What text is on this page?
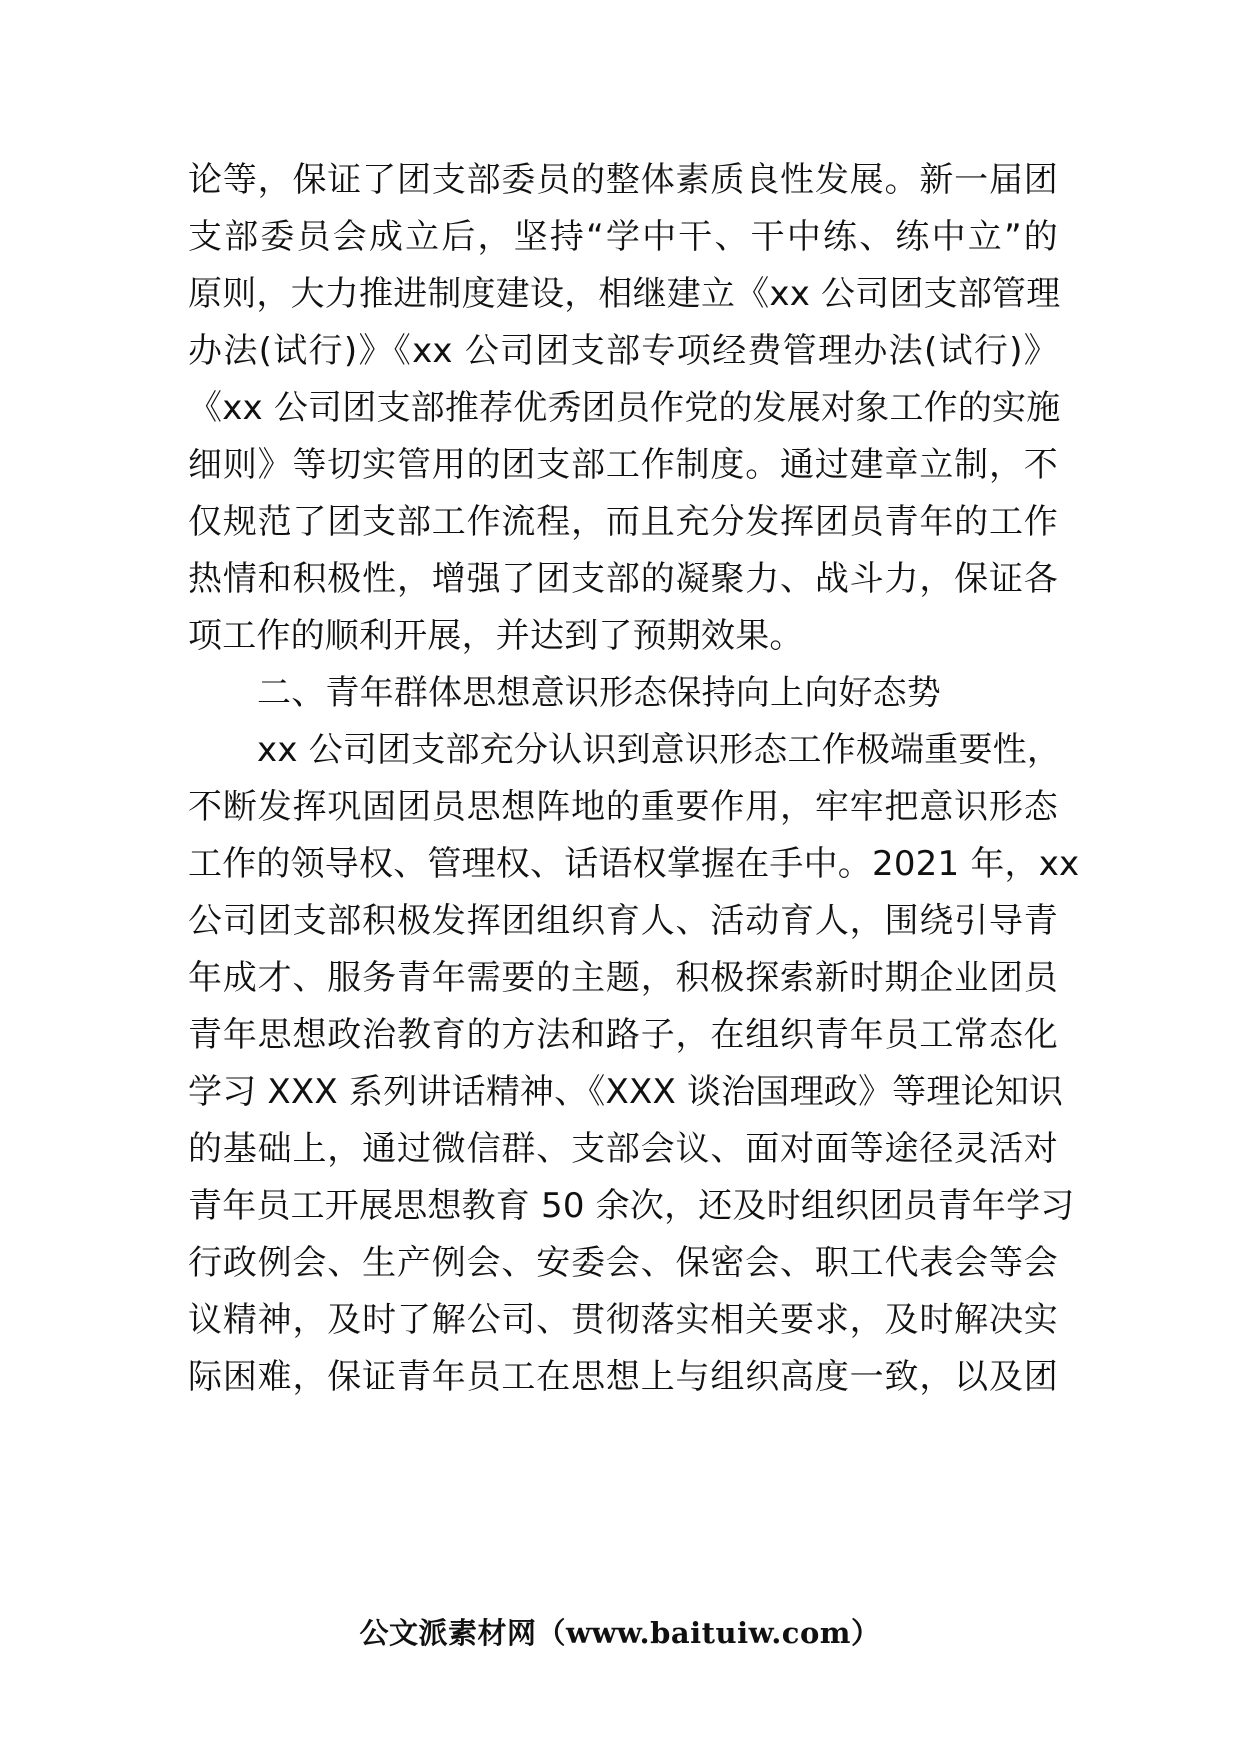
论等，保证了团支部委员的整体素质良性发展。新一届团
支部委员会成立后，坚持“学中干、干中练、练中立”的
原则，大力推进制度建设，相继建立《xx 公司团支部管理
办法(试行)》《xx 公司团支部专项经费管理办法(试行)》
《xx 公司团支部推荐优秀团员作党的发展对象工作的实施
细则》等切实管用的团支部工作制度。通过建章立制，不
仅规范了团支部工作流程，而且充分发挥团员青年的工作
热情和积极性，增强了团支部的凝聚力、战斗力，保证各
项工作的顺利开展，并达到了预期效果。
二、青年群体思想意识形态保持向上向好态势
xx 公司团支部充分认识到意识形态工作极端重要性，
不断发挥巩固团员思想阵地的重要作用，牢牢把意识形态
工作的领导权、管理权、话语权掌握在手中。2021 年，xx
公司团支部积极发挥团组织育人、活动育人，围绕引导青
年成才、服务青年需要的主题，积极探索新时期企业团员
青年思想政治教育的方法和路子，在组织青年员工常态化
学习 XXX 系列讲话精神、《XXX 谈治国理政》等理论知识
的基础上，通过微信群、支部会议、面对面等途径灵活对
青年员工开展思想教育 50 余次，还及时组织团员青年学习
行政例会、生产例会、安委会、保密会、职工代表会等会
议精神，及时了解公司、贯彻落实相关要求，及时解决实
际困难，保证青年员工在思想上与组织高度一致，以及团
公文派素材网（www.baituiw.com）
